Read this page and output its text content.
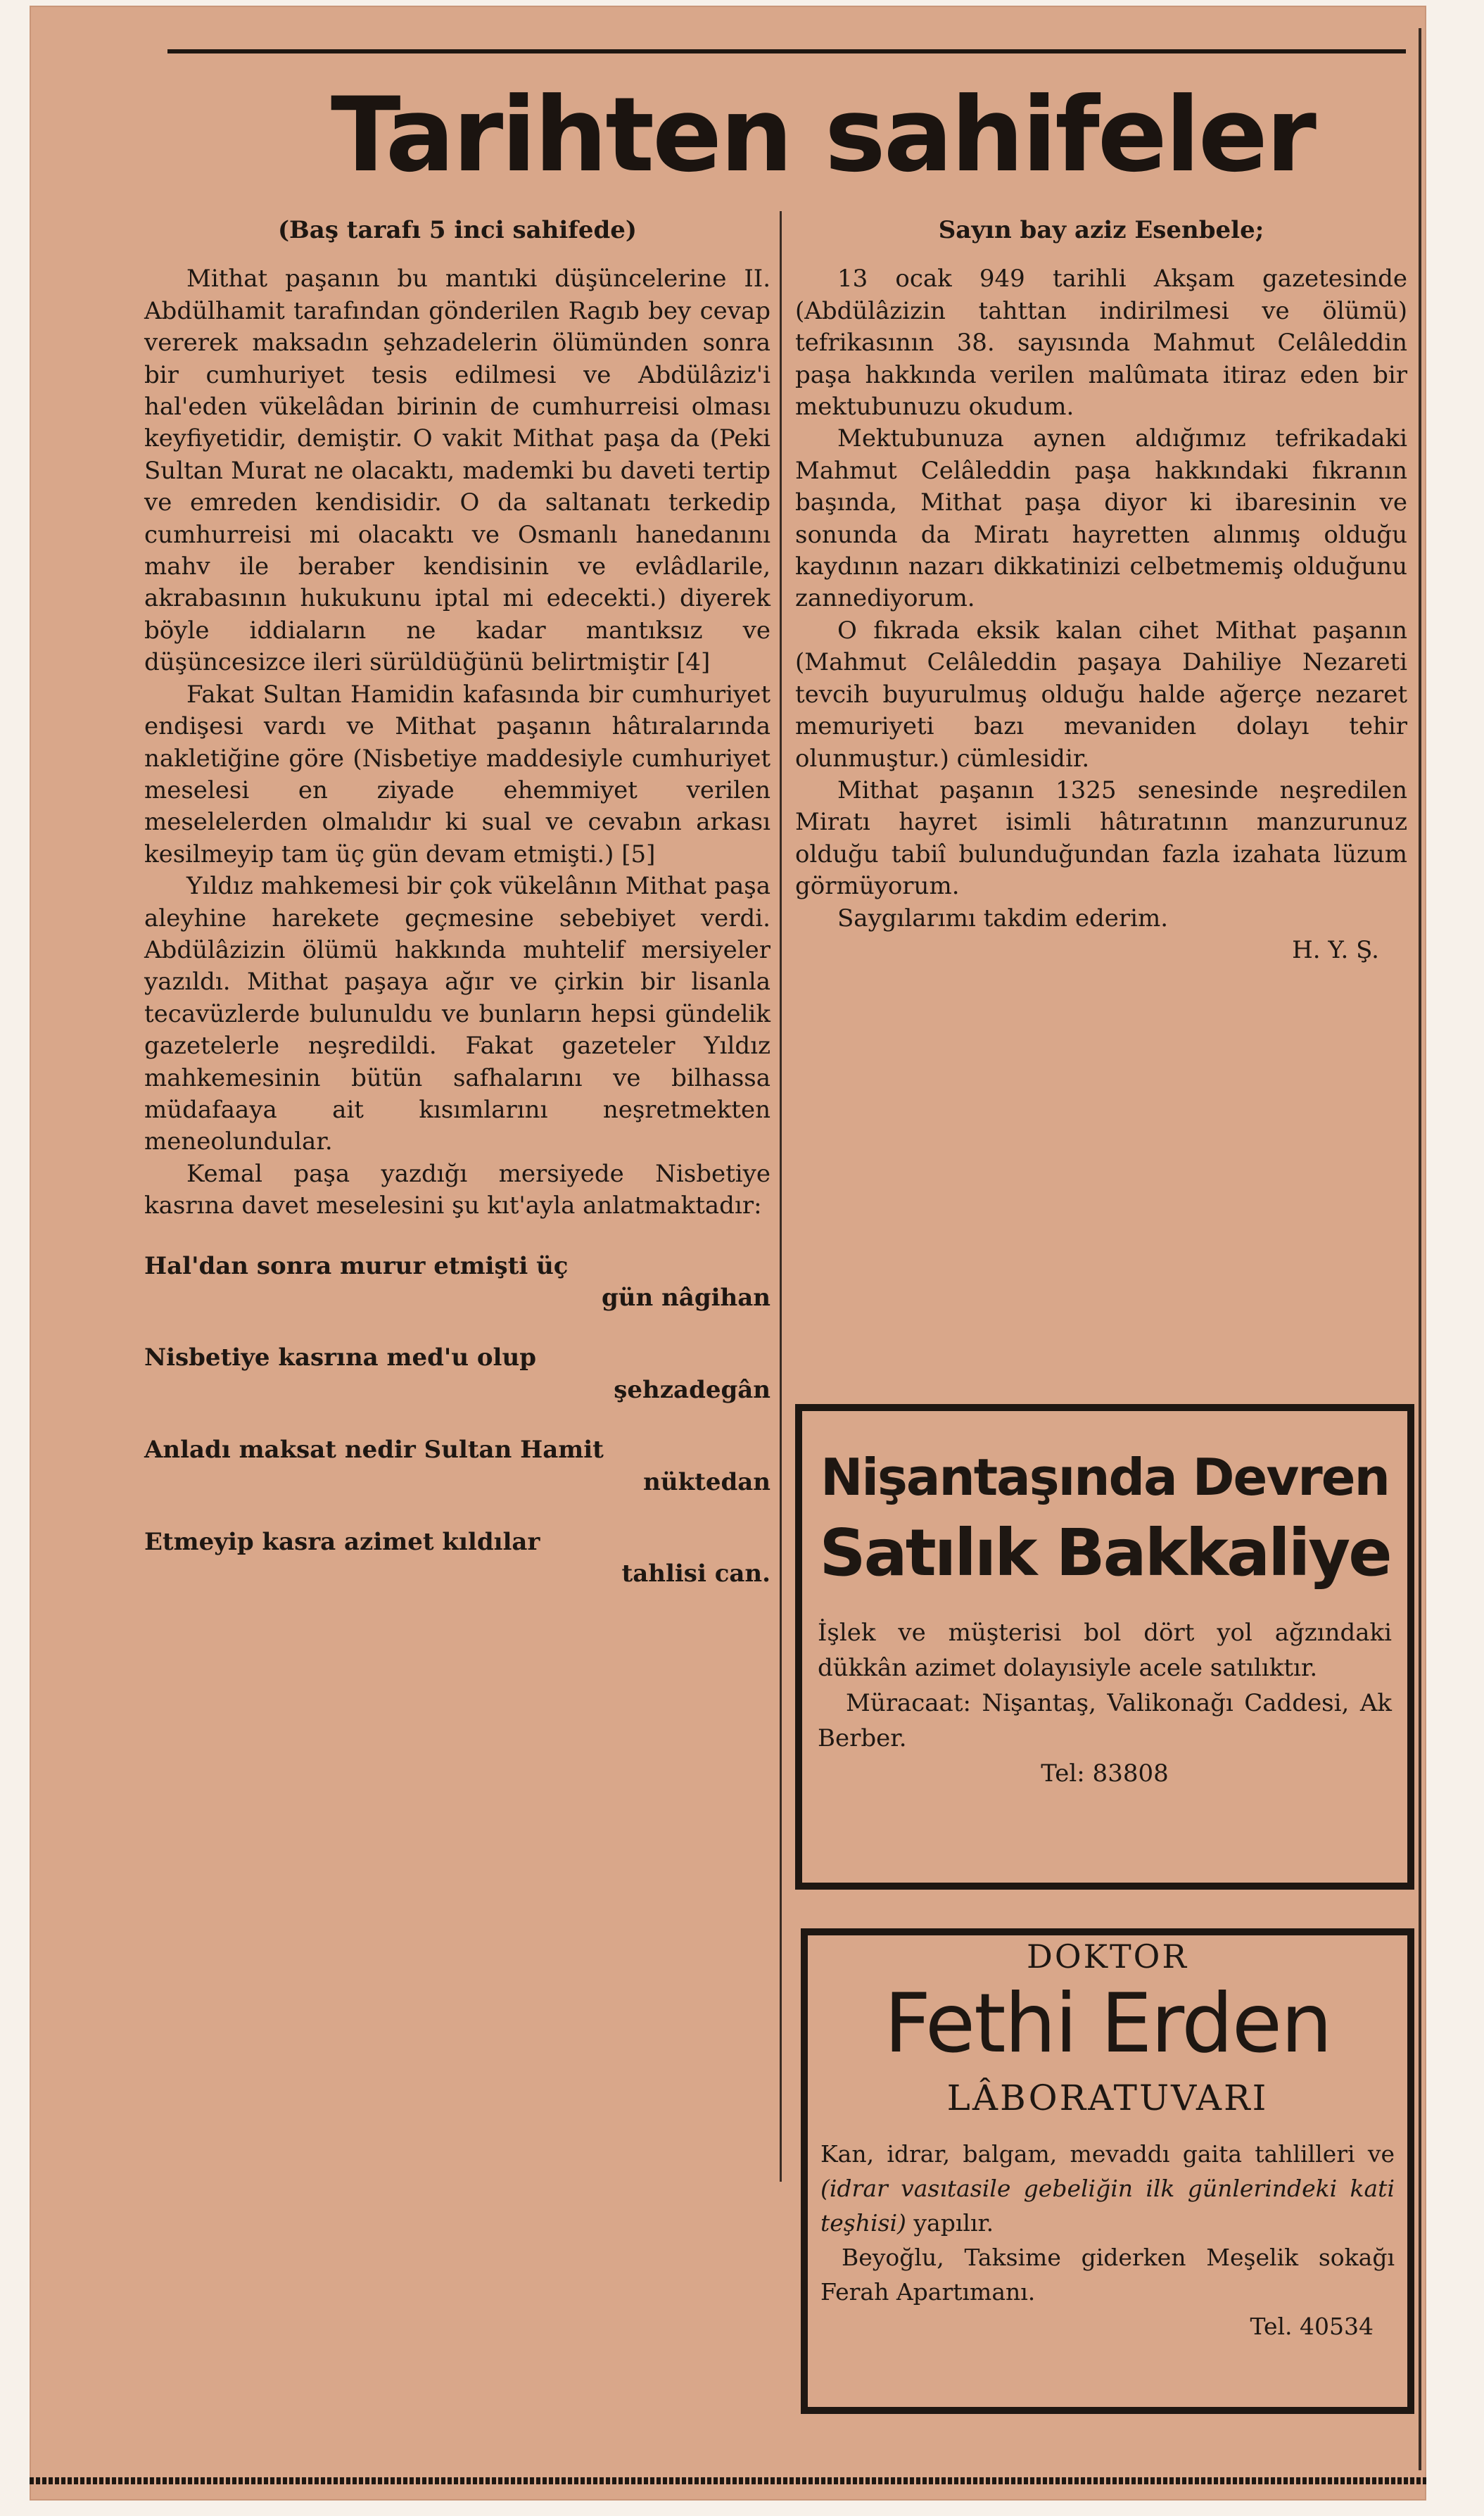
Tarihten sahifeler

(Baş tarafı 5 inci sahifede)

Mithat paşanın bu mantıki düşüncelerine II. Abdülhamit tarafından gönderilen Ragıb bey cevap vererek maksadın şehzadelerin ölümünden sonra bir cumhuriyet tesis edilmesi ve Abdülâziz'i hal'eden vükelâdan birinin de cumhurreisi olması keyfiyetidir, demiştir. O vakit Mithat paşa da (Peki Sultan Murat ne olacaktı, mademki bu daveti tertip ve emreden kendisidir. O da saltanatı terkedip cumhurreisi mi olacaktı ve Osmanlı hanedanını mahv ile beraber kendisinin ve evlâdlarile, akrabasının hukukunu iptal mi edecekti.) diyerek böyle iddiaların ne kadar mantıksız ve düşüncesizce ileri sürüldüğünü belirtmiştir [4]

Fakat Sultan Hamidin kafasında bir cumhuriyet endişesi vardı ve Mithat paşanın hâtıralarında nakletiğine göre (Nisbetiye maddesiyle cumhuriyet meselesi en ziyade ehemmiyet verilen meselelerden olmalıdır ki sual ve cevabın arkası kesilmeyip tam üç gün devam etmişti.) [5]

Yıldız mahkemesi bir çok vükelânın Mithat paşa aleyhine harekete geçmesine sebebiyet verdi. Abdülâzizin ölümü hakkında muhtelif mersiyeler yazıldı. Mithat paşaya ağır ve çirkin bir lisanla tecavüzlerde bulunuldu ve bunların hepsi gündelik gazetelerle neşredildi. Fakat gazeteler Yıldız mahkemesinin bütün safhalarını ve bilhassa müdafaaya ait kısımlarını neşretmekten meneolundular.

Kemal paşa yazdığı mersiyede Nisbetiye kasrına davet meselesini şu kıt'ayla anlatmaktadır:

Hal'dan sonra murur etmişti üç

gün nâgihan

Nisbetiye kasrına med'u olup

şehzadegân

Anladı maksat nedir Sultan Hamit

nüktedan

Etmeyip kasra azimet kıldılar

tahlisi can.

Sayın bay aziz Esenbele;

13 ocak 949 tarihli Akşam gazetesinde (Abdülâzizin tahttan indirilmesi ve ölümü) tefrikasının 38. sayısında Mahmut Celâleddin paşa hakkında verilen malûmata itiraz eden bir mektubunuzu okudum.

Mektubunuza aynen aldığımız tefrikadaki Mahmut Celâleddin paşa hakkındaki fıkranın başında, Mithat paşa diyor ki ibaresinin ve sonunda da Miratı hayretten alınmış olduğu kaydının nazarı dikkatinizi celbetmemiş olduğunu zannediyorum.

O fıkrada eksik kalan cihet Mithat paşanın (Mahmut Celâleddin paşaya Dahiliye Nezareti tevcih buyurulmuş olduğu halde ağerçe nezaret memuriyeti bazı mevaniden dolayı tehir olunmuştur.) cümlesidir.

Mithat paşanın 1325 senesinde neşredilen Miratı hayret isimli hâtıratının manzurunuz olduğu tabiî bulunduğundan fazla izahata lüzum görmüyorum.

Saygılarımı takdim ederim.

H. Y. Ş.

Nişantaşında Devren
Satılık Bakkaliye

İşlek ve müşterisi bol dört yol ağzındaki dükkân azimet dolayısiyle acele satılıktır.

Müracaat: Nişantaş, Valikonağı Caddesi, Ak Berber.

Tel: 83808

DOKTOR
Fethi Erden
LÂBORATUVARI

Kan, idrar, balgam, mevaddı gaita tahlilleri ve (idrar vasıtasile gebeliğin ilk günlerindeki kati teşhisi) yapılır.

Beyoğlu, Taksime giderken Meşelik sokağı Ferah Apartımanı.

Tel. 40534
